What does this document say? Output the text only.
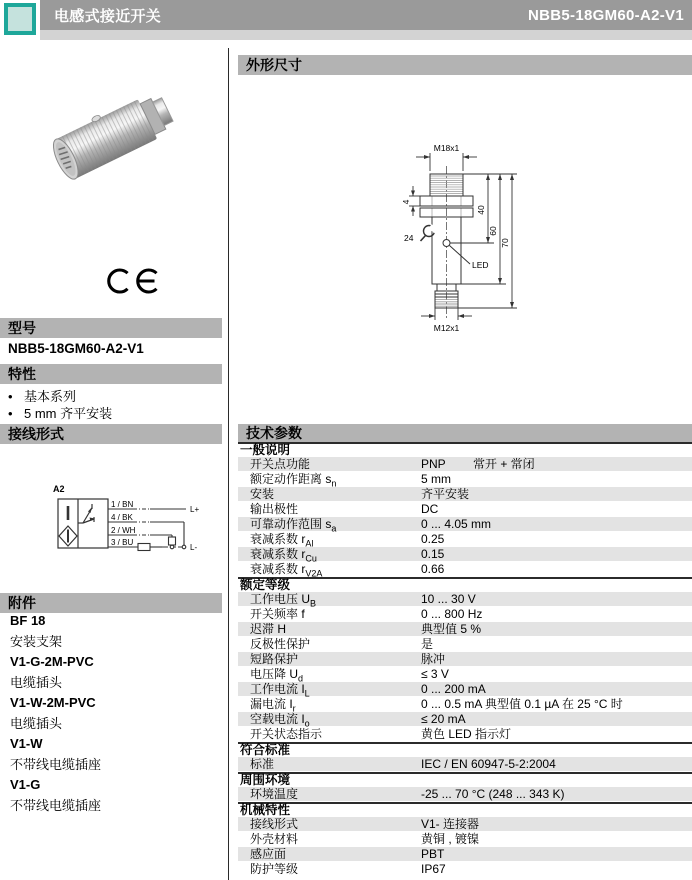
电感式接近开关	NBB5-18GM60-A2-V1
型号
NBB5-18GM60-A2-V1
特性
• 基本系列
• 5 mm 齐平安装
接线形式
A2
1 / BN
4 / BK
2 / WH
3 / BU
L+
L-
附件
BF 18
安装支架
V1-G-2M-PVC
电缆插头
V1-W-2M-PVC
电缆插头
V1-W
不带线电缆插座
V1-G
不带线电缆插座
外形尺寸
M18x1
4
24
LED
40
60
70
M12x1
技术参数
一般说明
开关点功能	PNP	常开 + 常闭
额定动作距离 $s_n$	5 mm
安装	齐平安装
输出极性	DC
可靠动作范围 $s_a$	0 ... 4.05 mm
衰减系数 $r_{Al}$	0.25
衰减系数 $r_{Cu}$	0.15
衰减系数 $r_{V2A}$	0.66
额定等级
工作电压 $U_B$	10 ... 30 V
开关频率 f	0 ... 800 Hz
迟滞 H	典型值 5 %
反极性保护	是
短路保护	脉冲
电压降 $U_d$	≤ 3 V
工作电流 $I_L$	0 ... 200 mA
漏电流 $I_r$	0 ... 0.5 mA 典型值 0.1 µA 在 25 °C 时
空载电流 $I_o$	≤ 20 mA
开关状态指示	黄色 LED 指示灯
符合标准
标准	IEC / EN 60947-5-2:2004
周围环境
环境温度	-25 ... 70 °C (248 ... 343 K)
机械特性
接线形式	V1- 连接器
外壳材料	黄铜 , 镀镍
感应面	PBT
防护等级	IP67
